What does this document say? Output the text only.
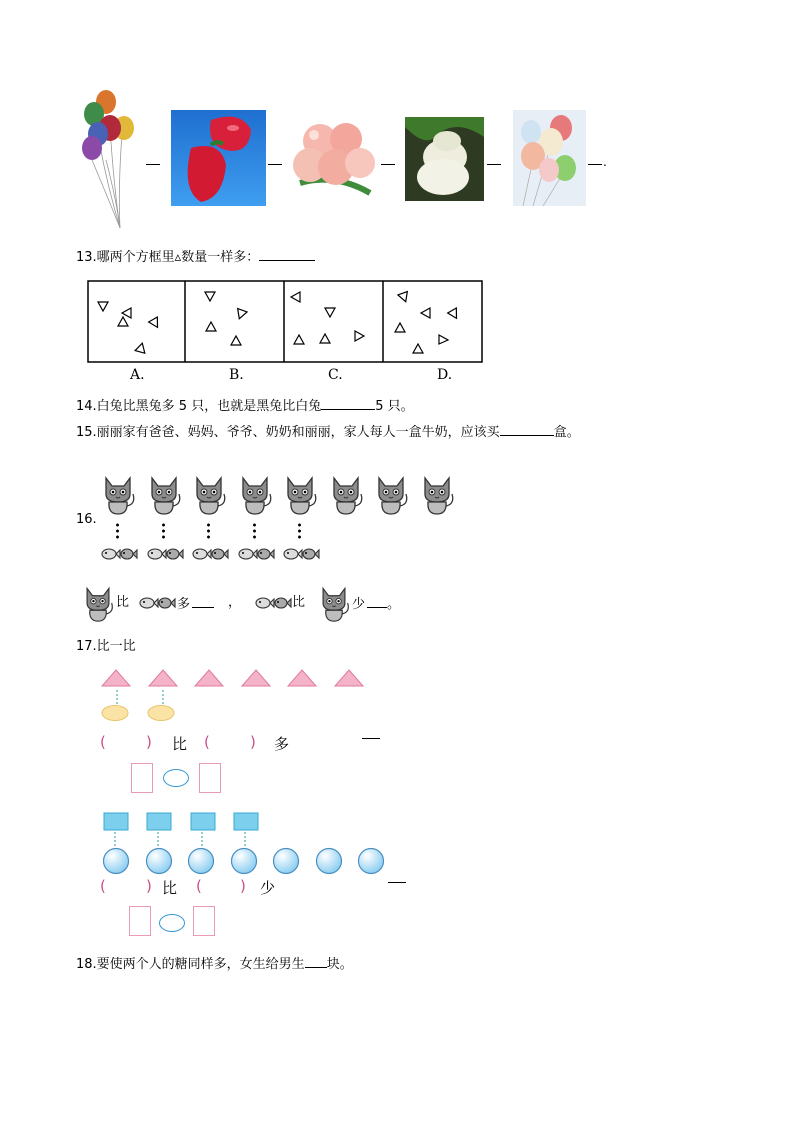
.
13.哪两个方框里▵数量一样多：
A.	B.	C.	D.
14.白兔比黑兔多 5 只，也就是黑兔比白兔	5 只。
15.丽丽家有爸爸、妈妈、爷爷、奶奶和丽丽，家人每人一盒牛奶，应该买	盒。
16.
比	多	，	比	少 。
17.比一比
(	) 比 (	) 多
(	) 比 (	) 少
18.要使两个人的糖同样多，女生给男生 块。
